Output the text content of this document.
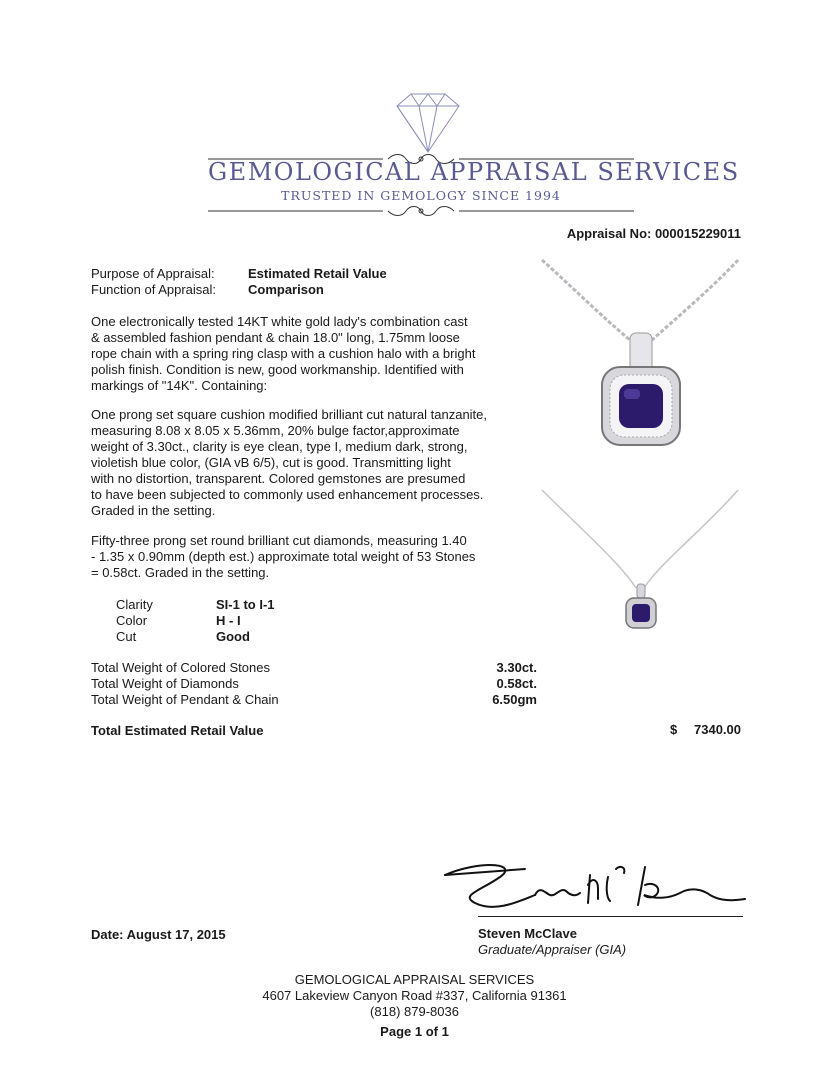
GEMOLOGICAL APPRAISAL SERVICES
TRUSTED IN GEMOLOGY SINCE 1994
Appraisal No: 000015229011
Purpose of Appraisal:	Estimated Retail Value
Function of Appraisal: Comparison
One electronically tested 14KT white gold lady's combination cast
& assembled fashion pendant & chain 18.0" long, 1.75mm loose
rope chain with a spring ring clasp with a cushion halo with a bright
polish finish. Condition is new, good workmanship. Identified with
markings of "14K". Containing:
One prong set square cushion modified brilliant cut natural tanzanite,
measuring 8.08 x 8.05 x 5.36mm, 20% bulge factor,approximate
weight of 3.30ct., clarity is eye clean, type I, medium dark, strong,
violetish blue color, (GIA vB 6/5), cut is good. Transmitting light
with no distortion, transparent. Colored gemstones are presumed
to have been subjected to commonly used enhancement processes.
Graded in the setting.
Fifty-three prong set round brilliant cut diamonds, measuring 1.40
- 1.35 x 0.90mm (depth est.) approximate total weight of 53 Stones
= 0.58ct. Graded in the setting.
Clarity	SI-1 to I-1
Color	H - I
Cut	Good
Total Weight of Colored Stones	3.30ct.
Total Weight of Diamonds	0.58ct.
Total Weight of Pendant & Chain	6.50gm
Total Estimated Retail Value	$ 7340.00
Date: August 17, 2015	Steven McClave
Graduate/Appraiser (GIA)
GEMOLOGICAL APPRAISAL SERVICES
4607 Lakeview Canyon Road #337, California 91361
(818) 879-8036
Page 1 of 1
